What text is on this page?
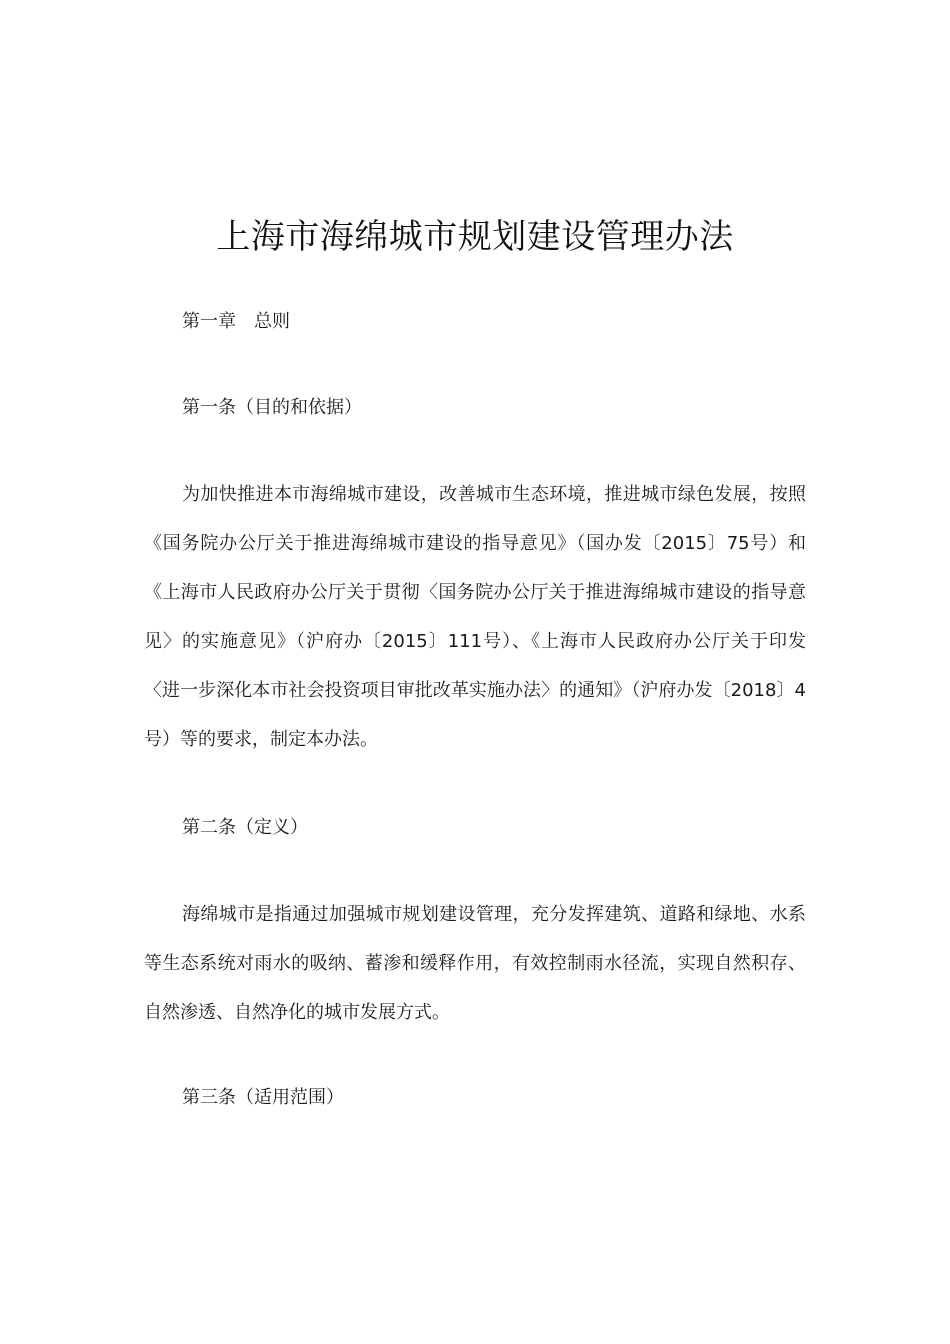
上海市海绵城市规划建设管理办法

第一章 总则

第一条（目的和依据）

为加快推进本市海绵城市建设，改善城市生态环境，推进城市绿色发展，按照《国务院办公厅关于推进海绵城市建设的指导意见》（国办发〔2015〕75号）和《上海市人民政府办公厅关于贯彻〈国务院办公厅关于推进海绵城市建设的指导意见〉的实施意见》（沪府办〔2015〕111号）、《上海市人民政府办公厅关于印发〈进一步深化本市社会投资项目审批改革实施办法〉的通知》（沪府办发〔2018〕4号）等的要求，制定本办法。

第二条（定义）

海绵城市是指通过加强城市规划建设管理，充分发挥建筑、道路和绿地、水系等生态系统对雨水的吸纳、蓄渗和缓释作用，有效控制雨水径流，实现自然积存、自然渗透、自然净化的城市发展方式。

第三条（适用范围）
